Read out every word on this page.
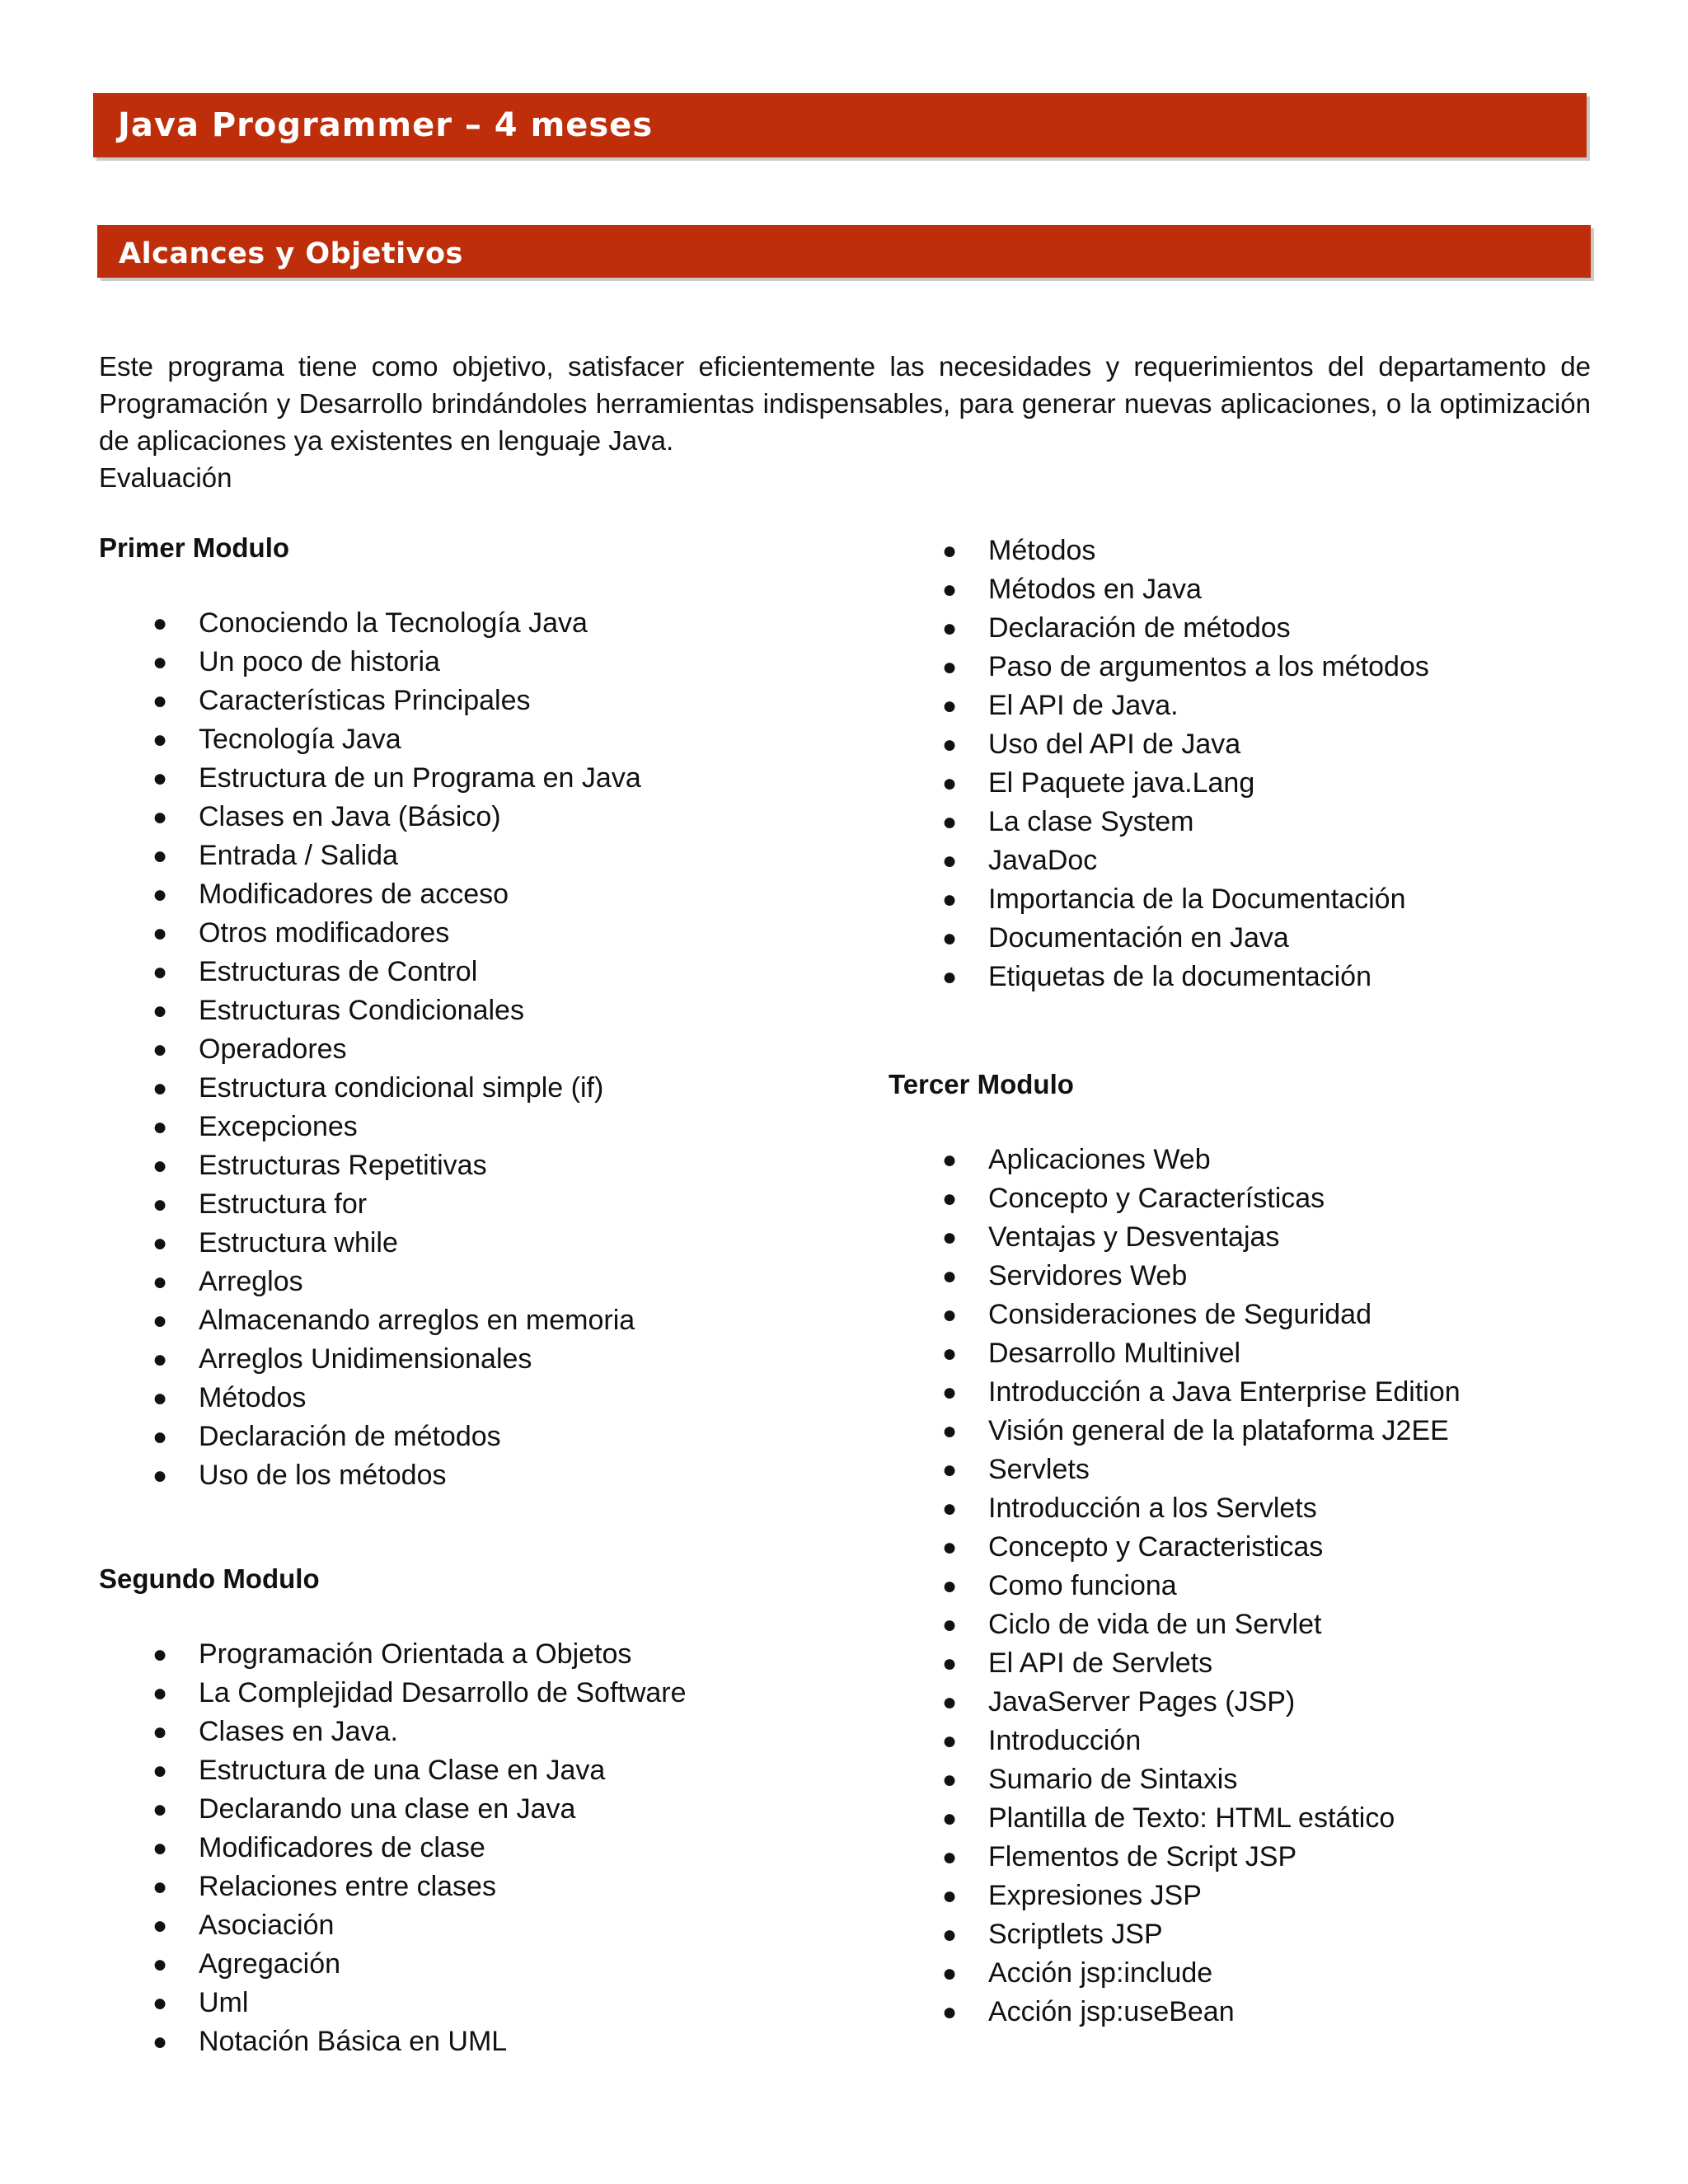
Java Programmer – 4 meses
Alcances y Objetivos

Este programa tiene como objetivo, satisfacer eficientemente las necesidades y requerimientos del departamento de Programación y Desarrollo brindándoles herramientas indispensables, para generar nuevas aplicaciones, o la optimización de aplicaciones ya existentes en lenguaje Java.

Evaluación
Primer Modulo
● Conociendo la Tecnología Java
● Un poco de historia
● Características Principales
● Tecnología Java
● Estructura de un Programa en Java
● Clases en Java (Básico)
● Entrada / Salida
● Modificadores de acceso
● Otros modificadores
● Estructuras de Control
● Estructuras Condicionales
● Operadores
● Estructura condicional simple (if)
● Excepciones
● Estructuras Repetitivas
● Estructura for
● Estructura while
● Arreglos
● Almacenando arreglos en memoria
● Arreglos Unidimensionales
● Métodos
● Declaración de métodos
● Uso de los métodos
Segundo Modulo
● Programación Orientada a Objetos
● La Complejidad Desarrollo de Software
● Clases en Java.
● Estructura de una Clase en Java
● Declarando una clase en Java
● Modificadores de clase
● Relaciones entre clases
● Asociación
● Agregación
● Uml
● Notación Básica en UML
● Métodos
● Métodos en Java
● Declaración de métodos
● Paso de argumentos a los métodos
● El API de Java.
● Uso del API de Java
● El Paquete java.Lang
● La clase System
● JavaDoc
● Importancia de la Documentación
● Documentación en Java
● Etiquetas de la documentación
Tercer Modulo
● Aplicaciones Web
● Concepto y Características
● Ventajas y Desventajas
● Servidores Web
● Consideraciones de Seguridad
● Desarrollo Multinivel
● Introducción a Java Enterprise Edition
● Visión general de la plataforma J2EE
● Servlets
● Introducción a los Servlets
● Concepto y Caracteristicas
● Como funciona
● Ciclo de vida de un Servlet
● El API de Servlets
● JavaServer Pages (JSP)
● Introducción
● Sumario de Sintaxis
● Plantilla de Texto: HTML estático
● Flementos de Script JSP
● Expresiones JSP
● Scriptlets JSP
● Acción jsp:include
● Acción jsp:useBean
